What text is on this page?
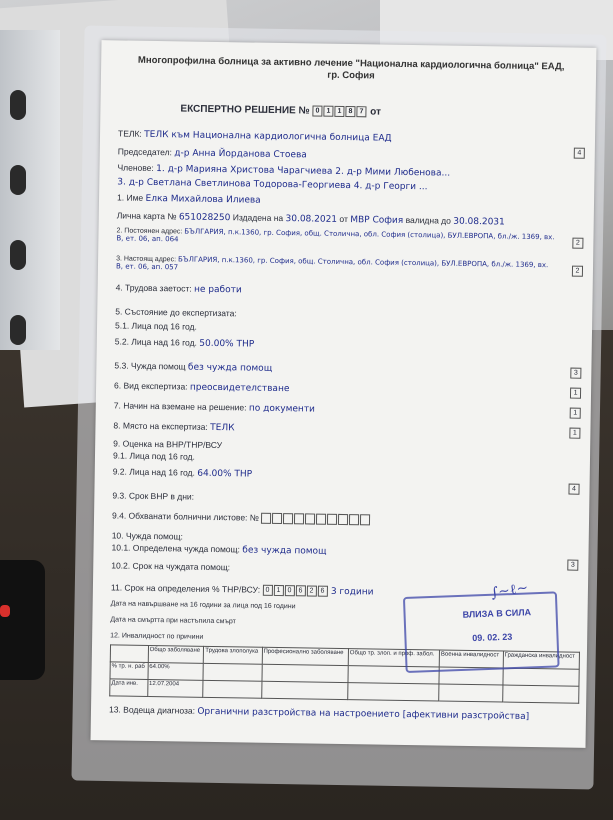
Многопрофилна болница за активно лечение "Национална кардиологична болница" ЕАД, гр. София
ЕКСПЕРТНО РЕШЕНИЕ № 0 1 1 8 7 от
ТЕЛК: ТЕЛК към Национална кардиологична болница ЕАД
Председател: д-р Анна Йорданова Стоева
Членове: 1. д-р Марияна Христова Чарагчиева 2. д-р Мими Любенова...
3. д-р Светлана Светлинова Тодорова-Георгиева 4. д-р Георги ...
1. Име Елка Михайлова Илиева
Лична карта № 651028250 Издадена на 30.08.2021 от МВР София валидна до 30.08.2031
2. Постоянен адрес: БЪЛГАРИЯ, п.к.1360, гр. София, общ. Столична, обл. София (столица), БУЛ.ЕВРОПА, бл./ж. 1369, вх. В, ет. 06, ап. 064
3. Настоящ адрес: БЪЛГАРИЯ, п.к.1360, гр. София, общ. Столична, обл. София (столица), БУЛ.ЕВРОПА, бл./ж. 1369, вх. В, ет. 06, ап. 057
4. Трудова заетост: не работи
5. Състояние до експертизата:
5.1. Лица под 16 год.
5.2. Лица над 16 год. 50.00% ТНР
5.3. Чужда помощ без чужда помощ
6. Вид експертиза: преосвидетелстване
7. Начин на вземане на решение: по документи
8. Място на експертиза: ТЕЛК
9. Оценка на ВНР/ТНР/ВСУ
9.1. Лица под 16 год.
9.2. Лица над 16 год. 64.00% ТНР
9.3. Срок ВНР в дни:
9.4. Обхванати болнични листове: №
10. Чужда помощ:
10.1. Определена чужда помощ: без чужда помощ
10.2. Срок на чуждата помощ:
11. Срок на определения % ТНР/ВСУ: 0 1 0 6 2 6 3 години
Дата на навършване на 16 години за лица под 16 години
Дата на смъртта при настъпила смърт
12. Инвалидност по причини
	Общо заболяване	Трудова злополука	Професионално заболяване	Общо тр. злоп. и проф. забол.	Военна инвалидност	Гражданска инвалидност
% тр. н. раб	64.00%					
Дата инв.	12.07.2004					
13. Водеща диагноза: Органични разстройства на настроението [афективни разстройства]
4
2
2
3
1
1
1
4
3
ВЛИЗА В СИЛА
09. 02. 23
∫~ℓ~
